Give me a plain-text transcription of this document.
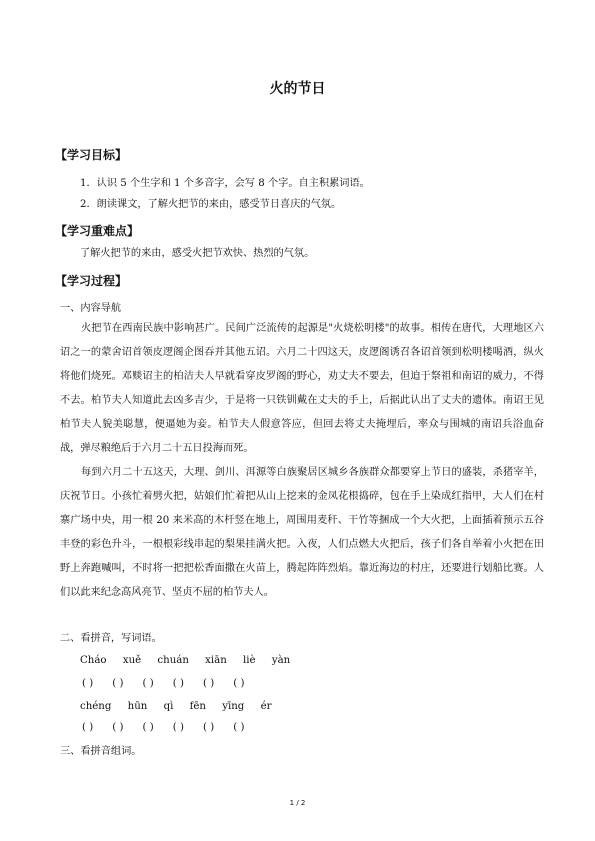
火的节日
【学习目标】
1．认识 5 个生字和 1 个多音字，会写 8 个字。自主积累词语。
2．朗读课文，了解火把节的来由，感受节日喜庆的气氛。
【学习重难点】
了解火把节的来由，感受火把节欢快、热烈的气氛。
【学习过程】
一、内容导航

火把节在西南民族中影响甚广。民间广泛流传的起源是"火烧松明楼"的故事。相传在唐代，大理地区六诏之一的蒙舍诏首领皮逻阁企图吞并其他五诏。六月二十四这天，皮逻阁诱召各诏首领到松明楼喝酒，纵火将他们烧死。邓赕诏主的柏洁夫人早就看穿皮罗阁的野心，劝丈夫不要去，但迫于祭祖和南诏的威力，不得不去。柏节夫人知道此去凶多吉少，于是将一只铁钏戴在丈夫的手上，后据此认出了丈夫的遗体。南诏王见柏节夫人貌美聪慧，便逼她为妾。柏节夫人假意答应，但回去将丈夫掩埋后，率众与围城的南诏兵浴血奋战，弹尽粮绝后于六月二十五日投海而死。

每到六月二十五这天，大理、剑川、洱源等白族聚居区城乡各族群众都要穿上节日的盛装，杀猪宰羊，庆祝节日。小孩忙着劈火把，姑娘们忙着把从山上挖来的金凤花根捣碎，包在手上染成红指甲，大人们在村寨广场中央，用一根 20 来米高的木杆竖在地上，周围用麦秆、干竹等捆成一个大火把，上面插着预示五谷丰登的彩色升斗，一根根彩线串起的梨果挂满火把。入夜，人们点燃大火把后，孩子们各自举着小火把在田野上奔跑喊叫，不时将一把把松香面撒在火苗上，腾起阵阵烈焰。靠近海边的村庄，还要进行划船比赛。人们以此来纪念高风亮节、坚贞不屈的柏节夫人。

二、看拼音，写词语。
Cháo xuě chuán xiān liè yàn
( ) ( ) ( ) ( ) ( ) ( )
chéng hūn qì fēn yīng ér
( ) ( ) ( ) ( ) ( ) ( )
三、看拼音组词。
1 / 2
